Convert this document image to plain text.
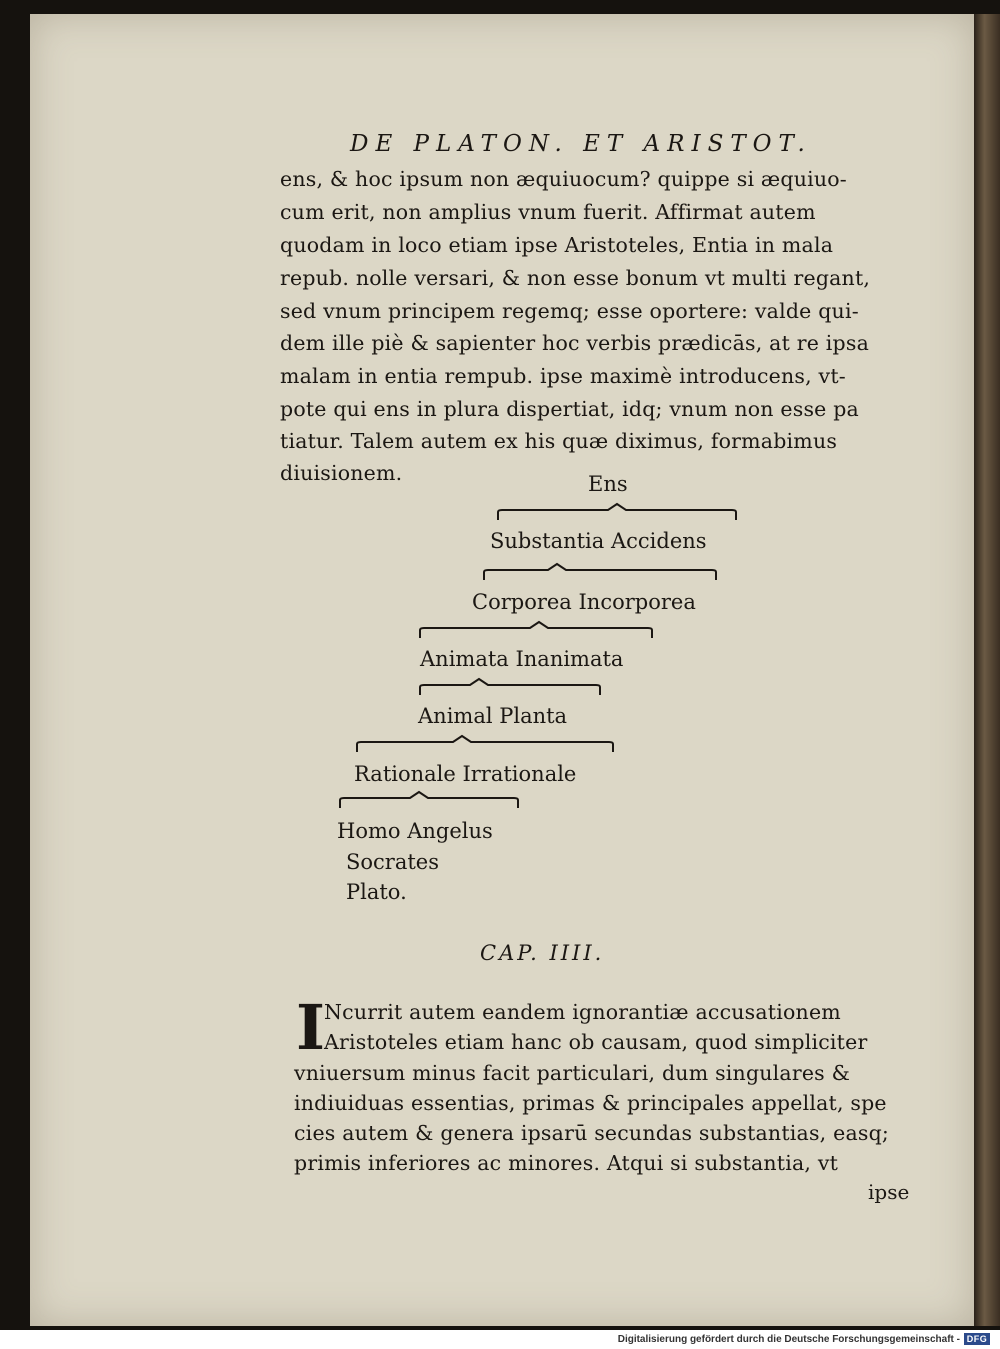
DE PLATON. ET ARISTOT.
ens, & hoc ipsum non æquiuocum? quippe si æquiuo-
cum erit, non amplius vnum fuerit. Affirmat autem
quodam in loco etiam ipse Aristoteles, Entia in mala
repub. nolle versari, & non esse bonum vt multi regant,
sed vnum principem regemq; esse oportere: valde qui-
dem ille piè & sapienter hoc verbis prædicās, at re ipsa
malam in entia rempub. ipse maximè introducens, vt-
pote qui ens in plura dispertiat, idq; vnum non esse pa
tiatur. Talem autem ex his quæ diximus, formabimus
diuisionem.	Ens
Substantia Accidens
Corporea Incorporea
Animata Inanimata
Animal Planta
Rationale Irrationale
Homo Angelus
Socrates
Plato.
CAP. IIII.
I
Ncurrit autem eandem ignorantiæ accusationem
Aristoteles etiam hanc ob causam, quod simpliciter
vniuersum minus facit particulari, dum singulares &
indiuiduas essentias, primas & principales appellat, spe
cies autem & genera ipsarū secundas substantias, easq;
primis inferiores ac minores. Atqui si substantia, vt
ipse
Digitalisierung gefördert durch die Deutsche Forschungsgemeinschaft - DFG
